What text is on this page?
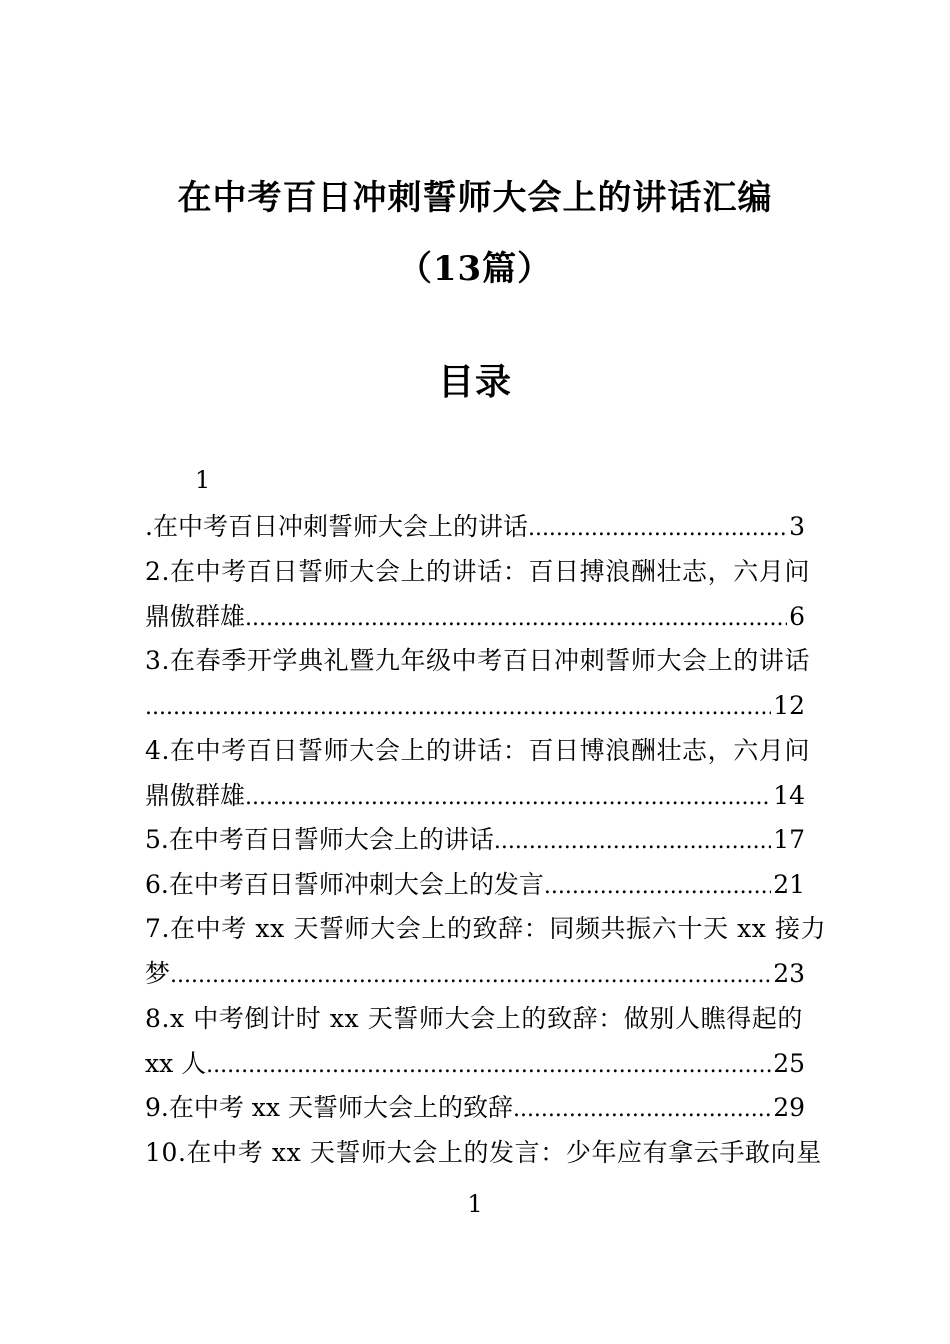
在中考百日冲刺誓师大会上的讲话汇编
（13篇）
目录
1
.在中考百日冲刺誓师大会上的讲话 .....	3
2.在中考百日誓师大会上的讲话：百日搏浪酬壮志，六月问
鼎傲群雄 .....	6
3.在春季开学典礼暨九年级中考百日冲刺誓师大会上的讲话
.....
12
4.在中考百日誓师大会上的讲话：百日博浪酬壮志，六月问
鼎傲群雄 .....	14
5.在中考百日誓师大会上的讲话 .....	17
6.在中考百日誓师冲刺大会上的发言 .....	21
7.在中考 xx 天誓师大会上的致辞：同频共振六十天 xx 接力
梦 .....	23
8.x 中考倒计时 xx 天誓师大会上的致辞：做别人瞧得起的
xx 人 .....	25
9.在中考 xx 天誓师大会上的致辞 .....	29
10.在中考 xx 天誓师大会上的发言：少年应有拿云手敢向星
1
